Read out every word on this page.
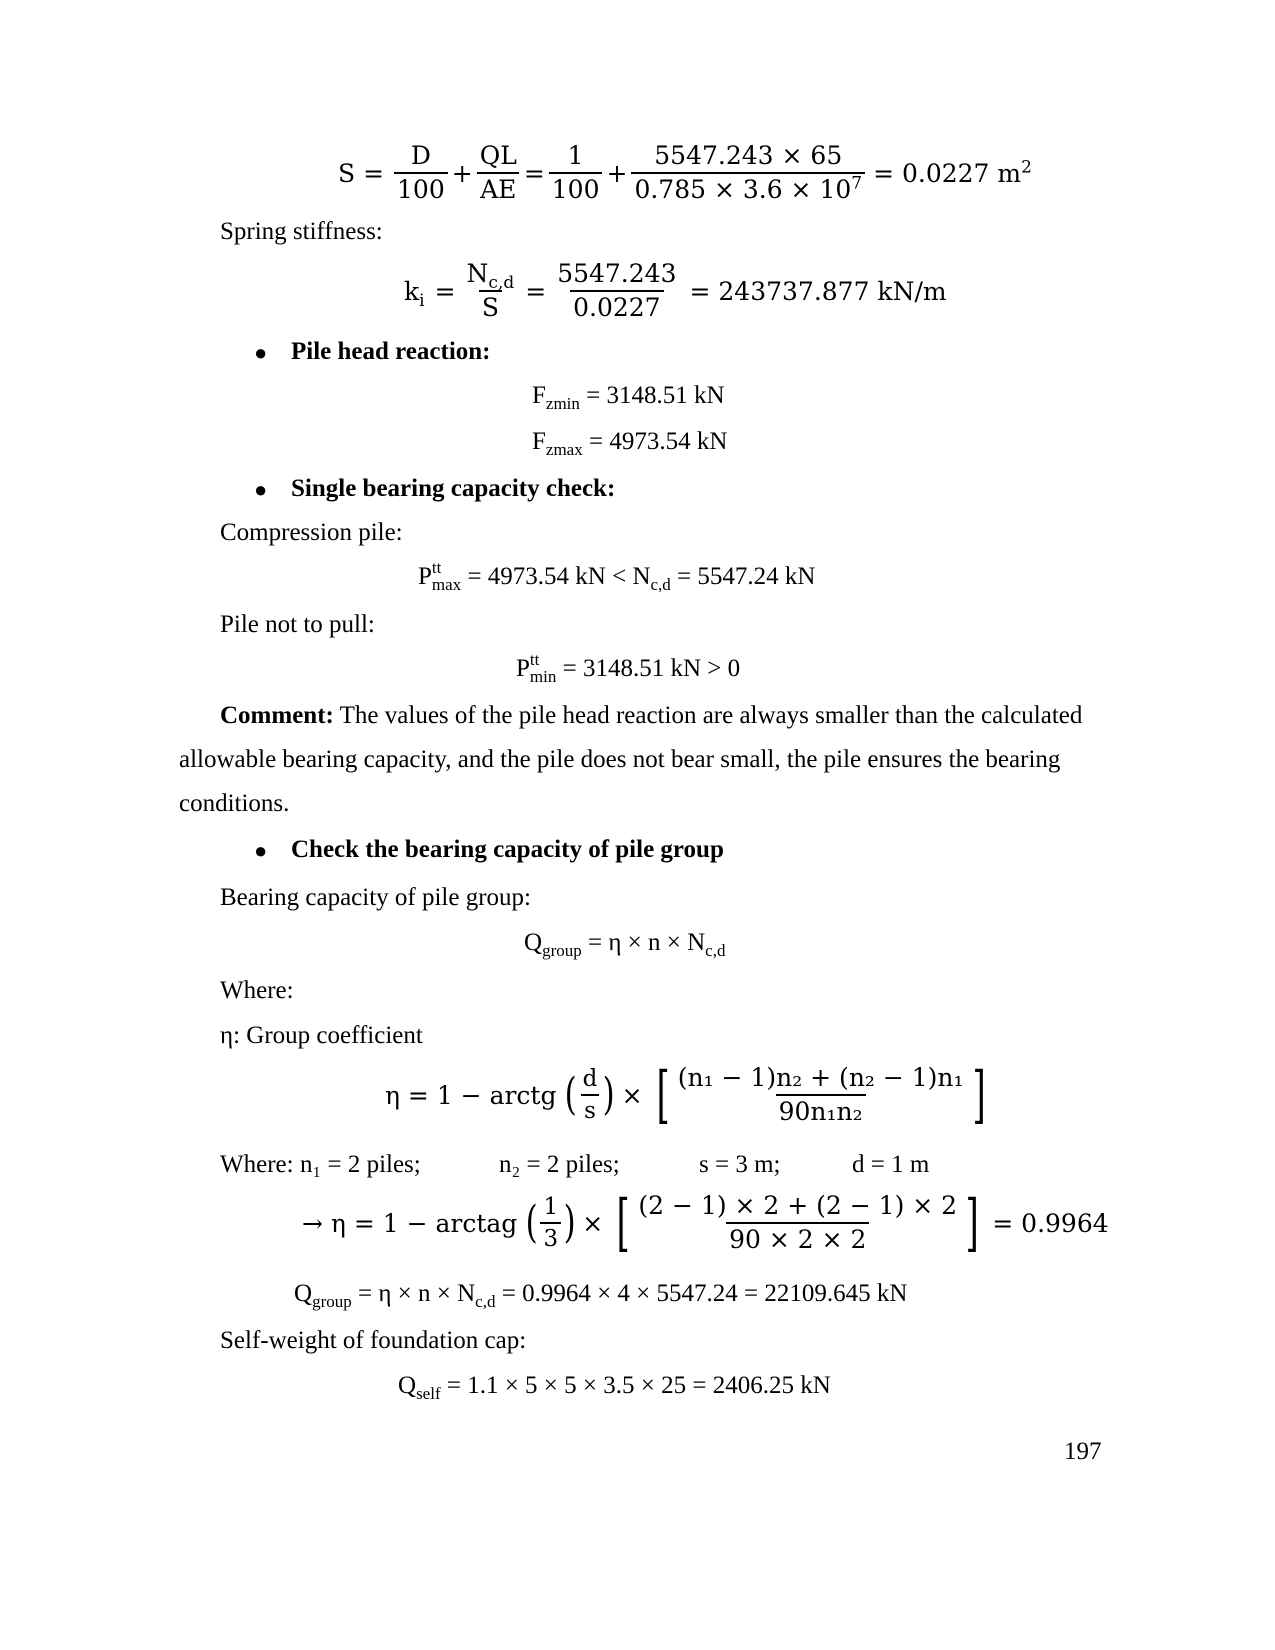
$S = \frac{D}{100} + \frac{QL}{AE} = \frac{1}{100} + \frac{5547.243 \times 65}{0.785 \times 3.6 \times 10^7} = 0.0227$ $m^2$
Spring stiffness:
$k_i = \frac{N_{c,d}}{S} = \frac{5547.243}{0.0227} = 243737.877$ kN/m
● Pile head reaction:
$F_{zmin} = 3148.51$ kN
$F_{zmax} = 4973.54$ kN
● Single bearing capacity check:
Compression pile:
P tt
max = 4973.54 kN < $N_{c,d} = 5547.24$ kN
Pile not to pull:
P tt
min = 3148.51 kN > 0
Comment: The values of the pile head reaction are always smaller than the calculated
allowable bearing capacity, and the pile does not bear small, the pile ensures the bearing
conditions.
● Check the bearing capacity of pile group
Bearing capacity of pile group:
$Q_{group} = \eta \times n \times N_{c,d}$
Where:
η: Group coefficient
η = 1 − arctg ( $\frac{d}{s}$ ) × [ $\frac{\text{(n₁ − 1)n₂ + (n₂ − 1)n₁}}{\text{90n₁n₂}}$ ]
Where: n₁ = 2 piles;	n₂ = 2 piles;	s = 3 m;	d = 1 m
→ η = 1 − arctag ( $\frac{1}{3}$ ) × [ $\frac{(2 - 1) \times 2 + (2 - 1) \times 2}{90 \times 2 \times 2}$ ] = 0.9964
$Q_{group} = \eta \times n \times N_{c,d} = 0.9964 \times 4 \times 5547.24 = 22109.645$ kN
Self-weight of foundation cap:
$Q_{self} = 1.1 \times 5 \times 5 \times 3.5 \times 25 = 2406.25$ kN
197
